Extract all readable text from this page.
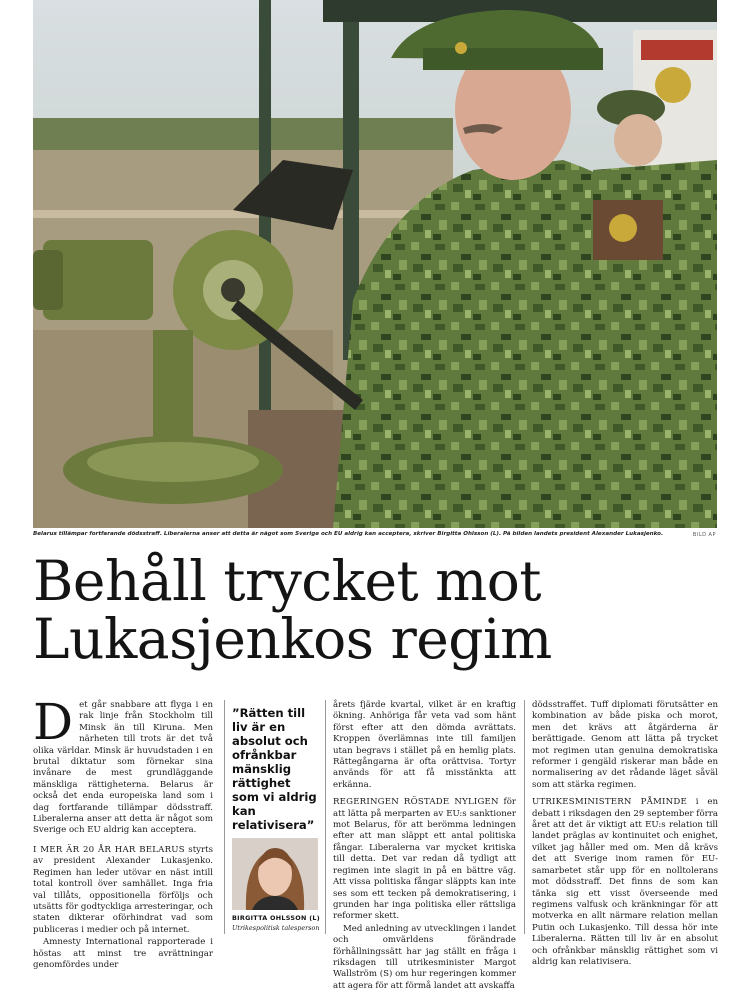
Belarus tillämpar fortfarande dödsstraff. Liberalerna anser att detta är något som Sverige och EU aldrig kan acceptera, skriver Birgitta Ohlsson (L). På bilden landets president Alexander Lukasjenko.	BILD AP
Behåll trycket mot
Lukasjenkos regim
D et går snabbare att flyga i en rak linje från Stockholm till Minsk än till Kiruna. Men närheten till trots är det två olika världar. Minsk är huvudstaden i en brutal diktatur som förnekar sina invånare de mest grundläggande mänskliga rättigheterna. Belarus är också det enda europeiska land som i dag fortfarande tillämpar dödsstraff. Liberalerna anser att detta är något som Sverige och EU aldrig kan acceptera.

I MER ÄR 20 ÅR HAR BELARUS styrts av president Alexander Lukasjenko. Regimen han leder utövar en näst intill total kontroll över samhället. Inga fria val tillåts, oppositionella förföljs och utsätts för godtyckliga arresteringar, och staten dikterar oförhindrat vad som publiceras i medier och på internet.

Amnesty International rapporterade i höstas att minst tre avrättningar genomfördes under

”Rätten till liv är en absolut och ofrånkbar mänsklig rättighet som vi aldrig kan relativisera”

BIRGITTA OHLSSON (L)
Utrikespolitisk talesperson

årets fjärde kvartal, vilket är en kraftig ökning. Anhöriga får veta vad som hänt först efter att den dömda avrättats. Kroppen överlämnas inte till familjen utan begravs i stället på en hemlig plats. Rättegångarna är ofta orättvisa. Tortyr används för att få misstänkta att erkänna.

REGERINGEN RÖSTADE NYLIGEN för att lätta på merparten av EU:s sanktioner mot Belarus, för att berömma ledningen efter att man släppt ett antal politiska fångar. Liberalerna var mycket kritiska till detta. Det var redan då tydligt att regimen inte slagit in på en bättre väg. Att vissa politiska fångar släppts kan inte ses som ett tecken på demokratisering, i grunden har inga politiska eller rättsliga reformer skett.

Med anledning av utvecklingen i landet och omvärldens förändrade förhållningssätt har jag ställt en fråga i riksdagen till utrikesminister Margot Wallström (S) om hur regeringen kommer att agera för att förmå landet att avskaffa

dödsstraffet. Tuff diplomati förutsätter en kombination av både piska och morot, men det krävs att åtgärderna är berättigade. Genom att lätta på trycket mot regimen utan genuina demokratiska reformer i gengäld riskerar man både en normalisering av det rådande läget såväl som att stärka regimen.

UTRIKESMINISTERN PÅMINDE i en debatt i riksdagen den 29 september förra året att det är viktigt att EU:s relation till landet präglas av kontinuitet och enighet, vilket jag håller med om. Men då krävs det att Sverige inom ramen för EU-samarbetet står upp för en nolltolerans mot dödsstraff. Det finns de som kan tänka sig ett visst överseende med regimens valfusk och kränkningar för att motverka en allt närmare relation mellan Putin och Lukasjenko. Till dessa hör inte Liberalerna. Rätten till liv är en absolut och ofrånkbar mänsklig rättighet som vi aldrig kan relativisera.
